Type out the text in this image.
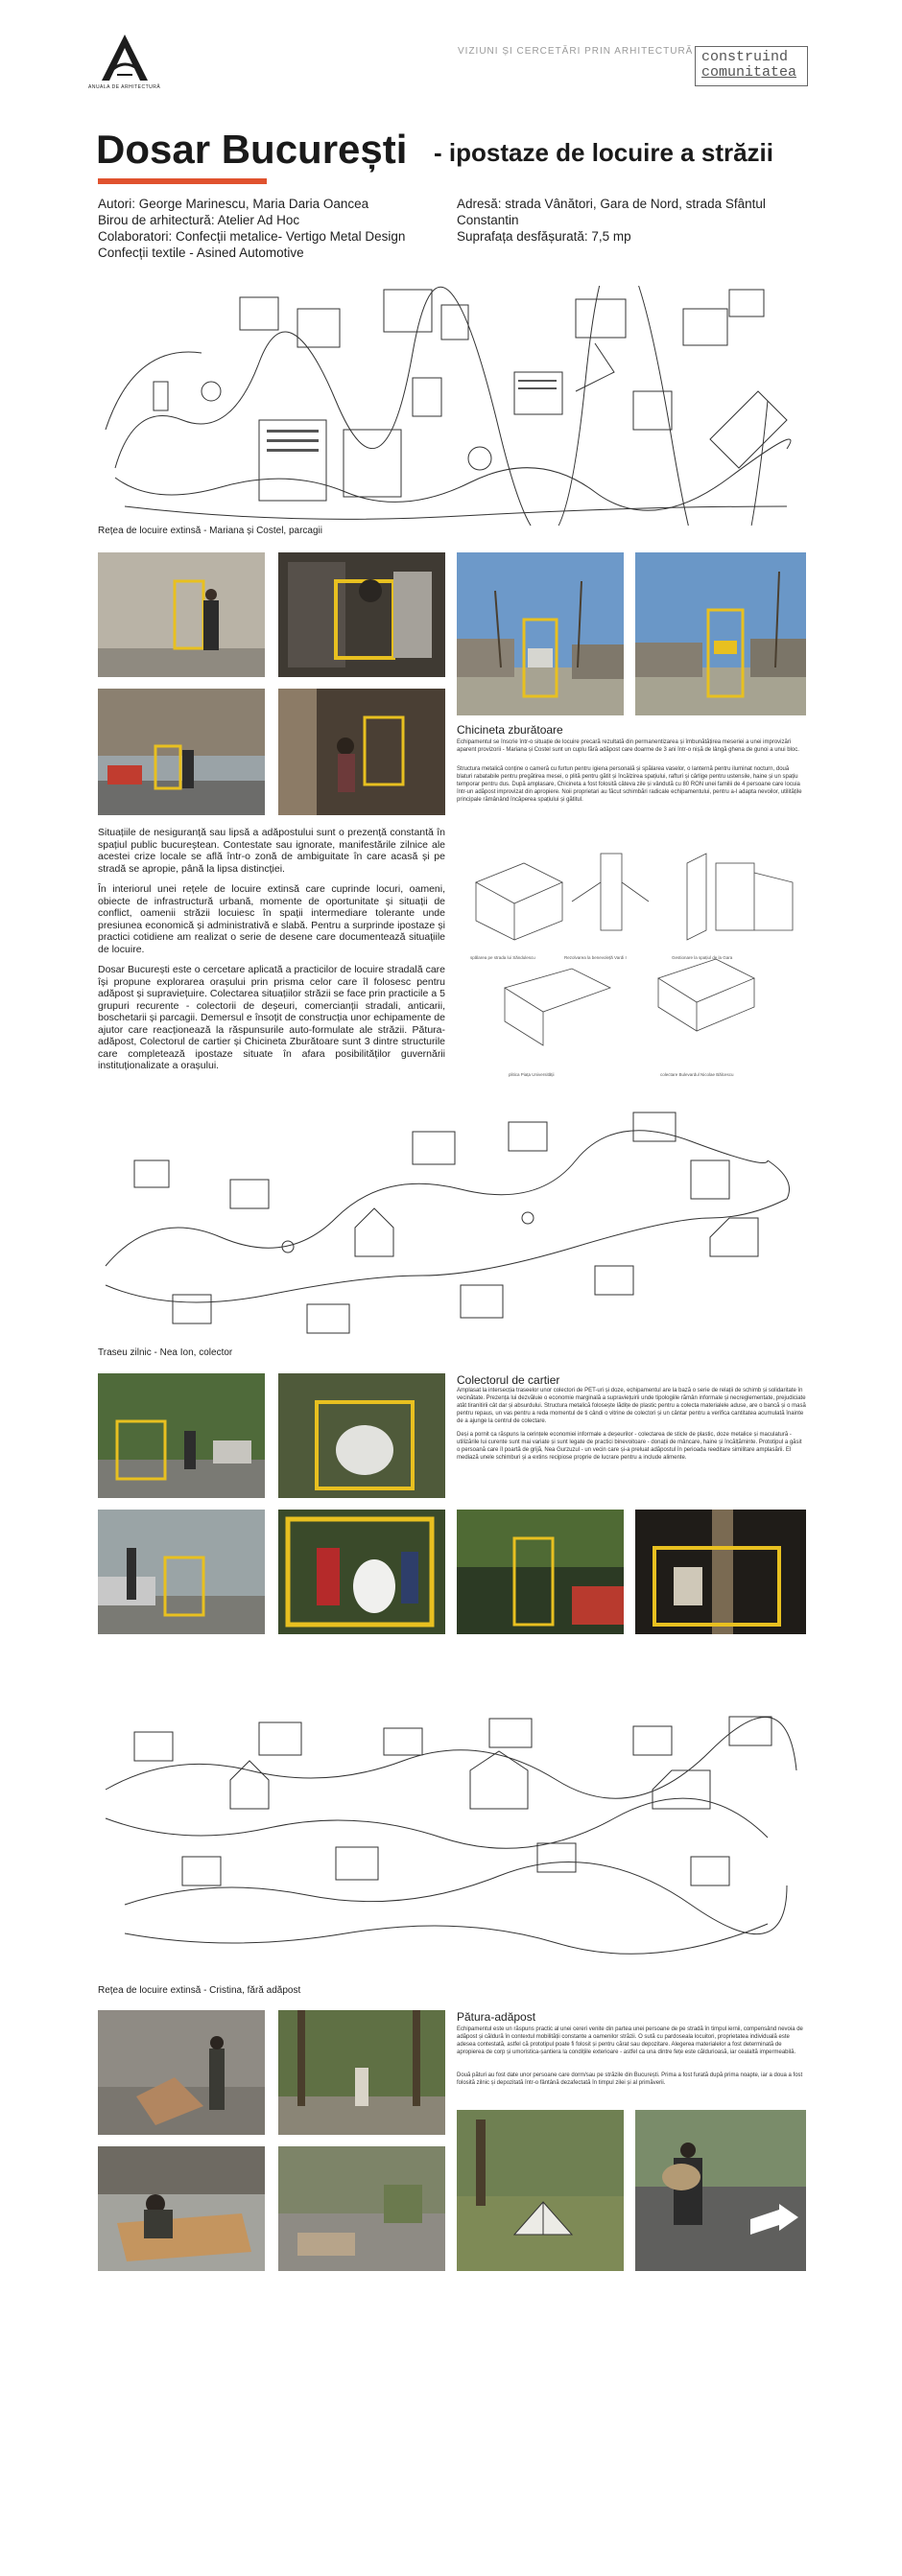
ANUALA DE ARHITECTURĂ
VIZIUNI ȘI CERCETĂRI PRIN ARHITECTURĂ construind
comunitatea
Dosar București - ipostaze de locuire a străzii
Autori: George Marinescu, Maria Daria Oancea
Birou de arhitectură: Atelier Ad Hoc
Colaboratori: Confecții metalice- Vertigo Metal Design
Confecții textile - Asined Automotive
Adresă: strada Vânători, Gara de Nord, strada Sfântul
Constantin
Suprafața desfășurată: 7,5 mp
Rețea de locuire extinsă - Mariana și Costel, parcagii
Chicineta zburătoare
Echipamentul se înscrie într-o situație de locuire precară rezultată din permanentizarea și îmbunătățirea meseriei a unei improvizări aparent provizorii - Mariana și Costel sunt un cuplu fără adăpost care doarme de 3 ani într-o nișă de lângă ghena de gunoi a unui bloc.
Structura metalică conține o cameră cu furtun pentru igiena personală și spălarea vaselor, o lanternă pentru iluminat nocturn, două blaturi rabatabile pentru pregătirea mesei, o plită pentru gătit și încălzirea spațiului, rafturi și cârlige pentru ustensile, haine și un spațiu temporar pentru dus. După amplasare, Chicineta a fost folosită câteva zile și vândută cu 80 RON unei familii de 4 persoane care locuia într-un adăpost improvizat din apropiere. Noii proprietari au făcut schimbări radicale echipamentului, pentru a-l adapta nevoilor, utilitățile principale rămânând încăperea spațiului și gătitul.

Situațiile de nesiguranță sau lipsă a adăpostului sunt o prezență constantă în spațiul public bucureștean. Contestate sau ignorate, manifestările zilnice ale acestei crize locale se află într-o zonă de ambiguitate în care acasă și pe stradă se apropie, până la lipsa distincției.

În interiorul unei rețele de locuire extinsă care cuprinde locuri, oameni, obiecte de infrastructură urbană, momente de oportunitate și situații de conflict, oamenii străzii locuiesc în spații intermediare tolerante unde presiunea economică și administrativă e slabă. Pentru a surprinde ipostaze și practici cotidiene am realizat o serie de desene care documentează situațiile de locuire.

Dosar București este o cercetare aplicată a practicilor de locuire stradală care își propune explorarea orașului prin prisma celor care îl folosesc pentru adăpost și supraviețuire. Colectarea situațiilor străzii se face prin practicile a 5 grupuri recurente - colectorii de deșeuri, comercianții stradali, anticarii, boschetarii și parcagii. Demersul e însoțit de construcția unor echipamente de ajutor care reacționează la răspunsurile auto-formulate ale străzii. Pătura-adăpost, Colectorul de cartier și Chicineta Zburătoare sunt 3 dintre structurile care completează ipostaze situate în afara posibilităților guvernării instituționalizate a orașului.

spălarea pe strada lui Săndulescu	Rezolvarea la benevoleță Vardi I	Gestionare la spațiul de la Gara
plitica Piața Universității	colectare Bulevardul Nicolae Bălcescu
Traseu zilnic - Nea Ion, colector
Colectorul de cartier
Amplasat la intersecția traseelor unor colectori de PET-uri și doze, echipamentul are la bază o serie de relații de schimb și solidaritate în vecinătate. Prezența lui dezvăluie o economie marginală a supraviețuirii unde tipologiile rămân informale și necreglementate, prejudiciate atât tiranitirii cât dar și absurdului. Structura metalică folosește lădițe de plastic pentru a colecta materialele aduse, are o bancă și o masă pentru repaus, un vas pentru a reda momentul de ti cândi o vitrine de colectori și un cântar pentru a verifica cantitatea acumulată înainte de a ajunge la centrul de colectare.
Deși a pornit ca răspuns la cerințele economiei informale a deșeurilor - colectarea de sticle de plastic, doze metalice și maculatură - utilizările lui curente sunt mai variate și sunt legate de practici binevoitoare - donații de mâncare, haine și încălțăminte. Prototipul a găsit o persoană care îl poartă de grijă, Nea Gurzuzul - un vecin care și-a preluat adăpostul în perioada reeditare similitare amplasării. El mediază unele schimburi și a extins recipiose proprie de lucrare pentru a include alimente.
Rețea de locuire extinsă - Cristina, fără adăpost
Pătura-adăpost
Echipamentul este un răspuns practic al unei cereri venite din partea unei persoane de pe stradă în timpul iernii, compensând nevoia de adăpost și căldură în contextul mobilității constante a oamenilor străzii. O sută cu pardoseala locuitori, proprietatea individuală este adesea contestată, astfel că prototipul poate fi folosit și pentru cărat sau depozitare. Alegerea materialelor a fost determinată de apropierea de corp și umoristica-șantiera la condițiile exterioare - astfel ca una dintre fețe este căldurioasă, iar cealaltă impermeabilă.
Două pături au fost date unor persoane care dorm/sau pe străzile din București. Prima a fost furată după prima noapte, iar a doua a fost folosită zilnic și depozitată într-o fântână dezafectată în timpul zilei și al primăverii.
